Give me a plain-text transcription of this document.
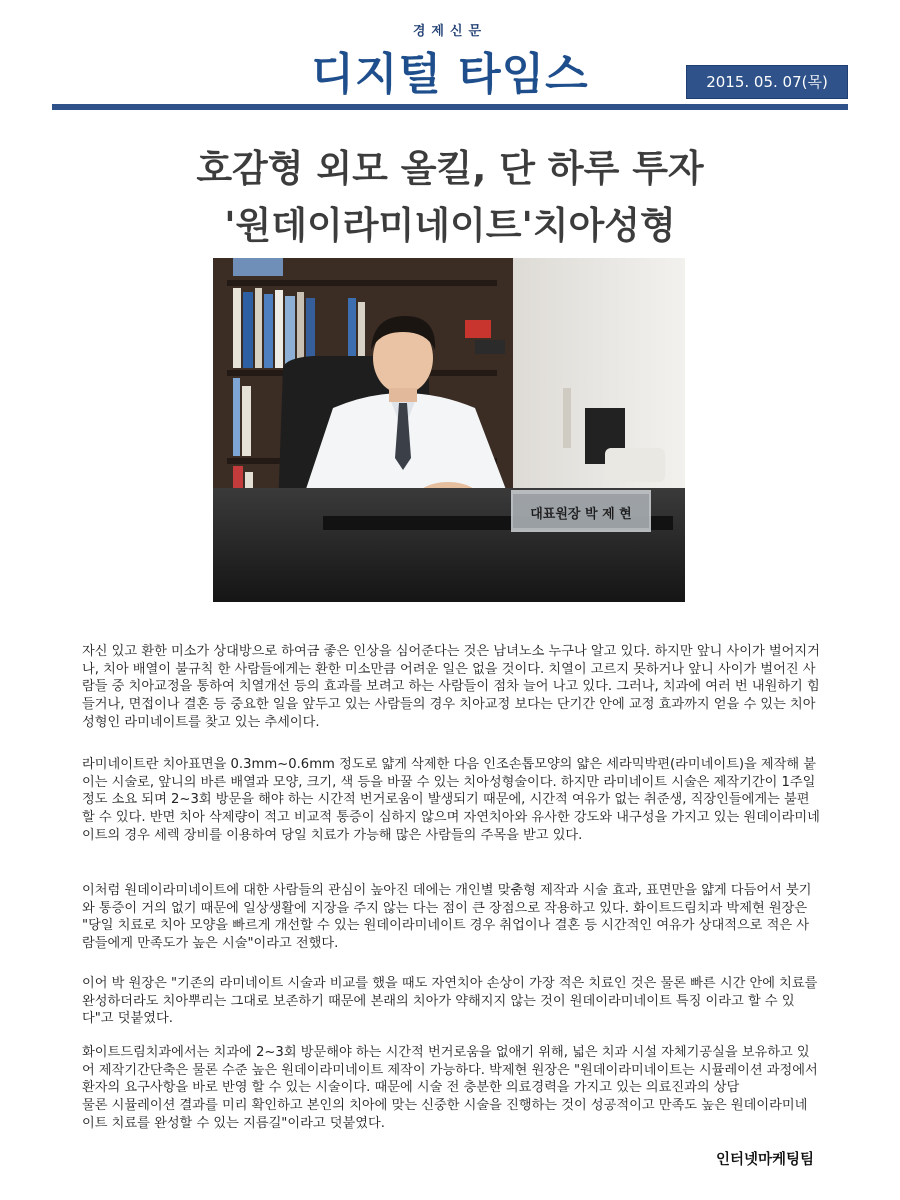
경제신문
디지털 타임스	2015. 05. 07(목)
호감형 외모 올킬, 단 하루 투자
'원데이라미네이트'치아성형
대표원장 박 제 현

자신 있고 환한 미소가 상대방으로 하여금 좋은 인상을 심어준다는 것은 남녀노소 누구나 알고 있다. 하지만 앞니 사이가 벌어지거나, 치아 배열이 불규칙 한 사람들에게는 환한 미소만큼 어려운 일은 없을 것이다. 치열이 고르지 못하거나 앞니 사이가 벌어진 사람들 중 치아교정을 통하여 치열개선 등의 효과를 보려고 하는 사람들이 점차 늘어 나고 있다. 그러나, 치과에 여러 번 내원하기 힘들거나, 면접이나 결혼 등 중요한 일을 앞두고 있는 사람들의 경우 치아교정 보다는 단기간 안에 교정 효과까지 얻을 수 있는 치아성형인 라미네이트를 찾고 있는 추세이다.

라미네이트란 치아표면을 0.3mm~0.6mm 정도로 얇게 삭제한 다음 인조손톱모양의 얇은 세라믹박편(라미네이트)을 제작해 붙이는 시술로, 앞니의 바른 배열과 모양, 크기, 색 등을 바꿀 수 있는 치아성형술이다. 하지만 라미네이트 시술은 제작기간이 1주일 정도 소요 되며 2~3회 방문을 해야 하는 시간적 번거로움이 발생되기 때문에, 시간적 여유가 없는 취준생, 직장인들에게는 불편할 수 있다. 반면 치아 삭제량이 적고 비교적 통증이 심하지 않으며 자연치아와 유사한 강도와 내구성을 가지고 있는 원데이라미네이트의 경우 세렉 장비를 이용하여 당일 치료가 가능해 많은 사람들의 주목을 받고 있다.

이처럼 원데이라미네이트에 대한 사람들의 관심이 높아진 데에는 개인별 맞춤형 제작과 시술 효과, 표면만을 얇게 다듬어서 붓기와 통증이 거의 없기 때문에 일상생활에 지장을 주지 않는 다는 점이 큰 장점으로 작용하고 있다. 화이트드림치과 박제현 원장은 "당일 치료로 치아 모양을 빠르게 개선할 수 있는 원데이라미네이트 경우 취업이나 결혼 등 시간적인 여유가 상대적으로 적은 사람들에게 만족도가 높은 시술"이라고 전했다.

이어 박 원장은 "기존의 라미네이트 시술과 비교를 했을 때도 자연치아 손상이 가장 적은 치료인 것은 물론 빠른 시간 안에 치료를 완성하더라도 치아뿌리는 그대로 보존하기 때문에 본래의 치아가 약해지지 않는 것이 원데이라미네이트 특징 이라고 할 수 있다"고 덧붙였다.

화이트드림치과에서는 치과에 2~3회 방문해야 하는 시간적 번거로움을 없애기 위해, 넓은 치과 시설 자체기공실을 보유하고 있어 제작기간단축은 물론 수준 높은 원데이라미네이트 제작이 가능하다. 박제현 원장은 "원데이라미네이트는 시뮬레이션 과정에서 환자의 요구사항을 바로 반영 할 수 있는 시술이다. 때문에 시술 전 충분한 의료경력을 가지고 있는 의료진과의 상담
물론 시뮬레이션 결과를 미리 확인하고 본인의 치아에 맞는 신중한 시술을 진행하는 것이 성공적이고 만족도 높은 원데이라미네이트 치료를 완성할 수 있는 지름길"이라고 덧붙였다.

인터넷마케팅팀
